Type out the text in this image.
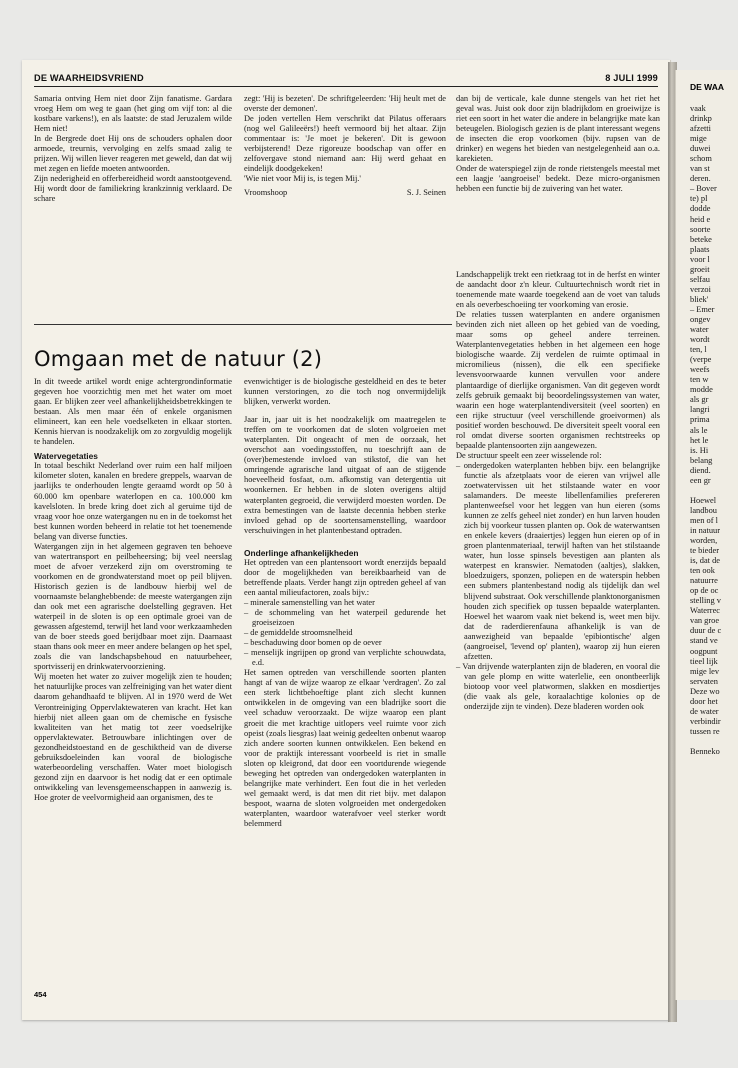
DE WAARHEIDSVRIEND	8 JULI 1999

Samaria ontving Hem niet door Zijn fanatisme. Gardara vroeg Hem om weg te gaan (het ging om vijf ton: al die kostbare varkens!), en als laatste: de stad Jeruzalem wilde Hem niet!

In de Bergrede doet Hij ons de schouders ophalen door armoede, treurnis, vervolging en zelfs smaad zalig te prijzen. Wij willen liever reageren met geweld, dan dat wij met zegen en liefde moeten antwoorden.

Zijn nederigheid en offerbereidheid wordt aanstootgevend. Hij wordt door de familiekring krankzinnig verklaard. De schare

zegt: 'Hij is bezeten'. De schriftgeleerden: 'Hij heult met de overste der demonen'.

De joden vertellen Hem verschrikt dat Pilatus offeraars (nog wel Galileeërs!) heeft vermoord bij het altaar. Zijn commentaar is: 'Je moet je bekeren'. Dit is gewoon verbijsterend! Deze rigoreuze boodschap van offer en zelfovergave stond niemand aan: Hij werd gehaat en eindelijk doodgekeken!

'Wie niet voor Mij is, is tegen Mij.'

Vroomshoop	S. J. Seinen
Omgaan met de natuur (2)

In dit tweede artikel wordt enige achtergrondinformatie gegeven hoe voorzichtig men met het water om moet gaan. Er blijken zeer veel afhankelijkheidsbetrekkingen te bestaan. Als men maar één of enkele organismen elimineert, kan een hele voedselketen in elkaar storten. Kennis hiervan is noodzakelijk om zo zorgvuldig mogelijk te handelen.

Watervegetaties

In totaal beschikt Nederland over ruim een half miljoen kilometer sloten, kanalen en bredere greppels, waarvan de jaarlijks te onderhouden lengte geraamd wordt op 50 à 60.000 km openbare waterlopen en ca. 100.000 km kavelsloten. In brede kring doet zich al geruime tijd de vraag voor hoe onze watergangen nu en in de toekomst het best kunnen worden beheerd in relatie tot het toenemende belang van diverse functies.

Watergangen zijn in het algemeen gegraven ten behoeve van watertransport en peilbeheersing; bij veel neerslag moet de afvoer verzekerd zijn om overstroming te voorkomen en de grondwaterstand moet op peil blijven. Historisch gezien is de landbouw hierbij wel de voornaamste belanghebbende: de meeste watergangen zijn dan ook met een agrarische doelstelling gegraven. Het waterpeil in de sloten is op een optimale groei van de gewassen afgestemd, terwijl het land voor werkzaamheden van de boer steeds goed berijdbaar moet zijn. Daarnaast staan thans ook meer en meer andere belangen op het spel, zoals die van landschapsbehoud en natuurbeheer, sportvisserij en drinkwatervoorziening.

Wij moeten het water zo zuiver mogelijk zien te houden; het natuurlijke proces van zelfreiniging van het water dient daarom gehandhaafd te blijven. Al in 1970 werd de Wet Verontreiniging Oppervlaktewateren van kracht. Het kan hierbij niet alleen gaan om de chemische en fysische kwaliteiten van het matig tot zeer voedselrijke oppervlaktewater. Betrouwbare inlichtingen over de gezondheidstoestand en de geschiktheid van de diverse gebruiksdoeleinden kan vooral de biologische waterbeoordeling verschaffen. Water moet biologisch gezond zijn en daarvoor is het nodig dat er een optimale ontwikkeling van levensgemeenschappen in aanwezig is. Hoe groter de veelvormigheid aan organismen, des te

evenwichtiger is de biologische gesteldheid en des te beter kunnen verstoringen, zo die toch nog onvermijdelijk blijken, verwerkt worden.

Jaar in, jaar uit is het noodzakelijk om maatregelen te treffen om te voorkomen dat de sloten volgroeien met waterplanten. Dit ongeacht of men de oorzaak, het overschot aan voedingsstoffen, nu toeschrijft aan de (over)bemestende invloed van stikstof, die van het omringende agrarische land uitgaat of aan de stijgende hoeveelheid fosfaat, o.m. afkomstig van detergentia uit woonkernen. Er hebben in de sloten overigens altijd waterplanten gegroeid, die verwijderd moesten worden. De extra bemestingen van de laatste decennia hebben sterke invloed gehad op de soortensamenstelling, waardoor verschuivingen in het plantenbestand optraden.

Onderlinge afhankelijkheden

Het optreden van een plantensoort wordt enerzijds bepaald door de mogelijkheden van bereikbaarheid van de betreffende plaats. Verder hangt zijn optreden geheel af van een aantal milieufactoren, zoals bijv.:

– minerale samenstelling van het water
– de schommeling van het waterpeil gedurende het groeiseizoen
– de gemiddelde stroomsnelheid
– beschaduwing door bomen op de oever
– menselijk ingrijpen op grond van verplichte schouwdata, e.d.

Het samen optreden van verschillende soorten planten hangt af van de wijze waarop ze elkaar 'verdragen'. Zo zal een sterk lichtbehoeftige plant zich slecht kunnen ontwikkelen in de omgeving van een bladrijke soort die veel schaduw veroorzaakt. De wijze waarop een plant groeit die met krachtige uitlopers veel ruimte voor zich opeist (zoals liesgras) laat weinig gedeelten onbenut waarop zich andere soorten kunnen ontwikkelen. Een bekend en voor de praktijk interessant voorbeeld is riet in smalle sloten op kleigrond, dat door een voortdurende wiegende beweging het optreden van ondergedoken waterplanten in belangrijke mate verhindert. Een fout die in het verleden wel gemaakt werd, is dat men dit riet bijv. met dalapon bespoot, waarna de sloten volgroeiden met ondergedoken waterplanten, waardoor waterafvoer veel sterker wordt belemmerd

dan bij de verticale, kale dunne stengels van het riet het geval was. Juist ook door zijn bladrijkdom en groeiwijze is riet een soort in het water die andere in belangrijke mate kan beteugelen. Biologisch gezien is de plant interessant wegens de insecten die erop voorkomen (bijv. rupsen van de drinker) en wegens het bieden van nestgelegenheid aan o.a. karekieten.

Onder de waterspiegel zijn de ronde rietstengels meestal met een laagje 'aangroeisel' bedekt. Deze micro-organismen hebben een functie bij de zuivering van het water.

Landschappelijk trekt een rietkraag tot in de herfst en winter de aandacht door z'n kleur. Cultuurtechnisch wordt riet in toenemende mate waarde toegekend aan de voet van taluds en als oeverbeschoeiing ter voorkoming van erosie.

De relaties tussen waterplanten en andere organismen bevinden zich niet alleen op het gebied van de voeding, maar soms op geheel andere terreinen. Waterplantenvegetaties hebben in het algemeen een hoge biologische waarde. Zij verdelen de ruimte optimaal in micromilieus (nissen), die elk een specifieke levensvoorwaarde kunnen vervullen voor andere plantaardige of dierlijke organismen. Van dit gegeven wordt zelfs gebruik gemaakt bij beoordelingssystemen van water, waarin een hoge waterplantendiversiteit (veel soorten) en een rijke structuur (veel verschillende groeivormen) als positief worden beschouwd. De diversiteit speelt vooral een rol omdat diverse soorten organismen rechtstreeks op bepaalde plantensoorten zijn aangewezen.

De structuur speelt een zeer wisselende rol:

– ondergedoken waterplanten hebben bijv. een belangrijke functie als afzetplaats voor de eieren van vrijwel alle zoetwatervissen uit het stilstaande water en voor salamanders. De meeste libellenfamilies prefereren plantenweefsel voor het leggen van hun eieren (soms kunnen ze zelfs geheel niet zonder) en hun larven houden zich bij voorkeur tussen planten op. Ook de waterwantsen en enkele kevers (draaiertjes) leggen hun eieren op of in groen plantenmateriaal, terwijl haften van het stilstaande water, hun losse spinsels bevestigen aan planten als waterpest en kranswier. Nematoden (aaltjes), slakken, bloedzuigers, sponzen, poliepen en de waterspin hebben een submers plantenbestand nodig als tijdelijk dan wel blijvend substraat. Ook verschillende planktonorganismen houden zich specifiek op tussen bepaalde waterplanten. Hoewel het waarom vaak niet bekend is, weet men bijv. dat de raderdierenfauna afhankelijk is van de aanwezigheid van bepaalde 'epibiontische' algen (aangroeisel, 'levend op' planten), waarop zij hun eieren afzetten.
– Van drijvende waterplanten zijn de bladeren, en vooral die van gele plomp en witte waterlelie, een onontbeerlijk biotoop voor veel platwormen, slakken en mosdiertjes (die vaak als gele, koraalachtige kolonies op de onderzijde zijn te vinden). Deze bladeren worden ook
454
DE WAA
vaak
drinkp
afzetti
mige
duwei
schom
van st
deren.
– Bover
te) pl
dodde
heid e
soorte
beteke
plaats
voor l
groeit
selfau
verzoi
bliek'
– Emer
ongev
water
wordt
ten, l
(verpe
weefs
ten w
modde
als gr
langri
prima
als le
het le
is. Hi
belang
diend.
een gr

Hoewel
landbou
men of l
in natuur
worden,
te bieder
is, dat de
ten ook
natuurre
op de oc
stelling v
Waterrec
van groe
duur de c
stand ve
oogpunt
tieel lijk
mige lev
servaten
Deze wo
door het
de water
verbindir
tussen re

Benneko
